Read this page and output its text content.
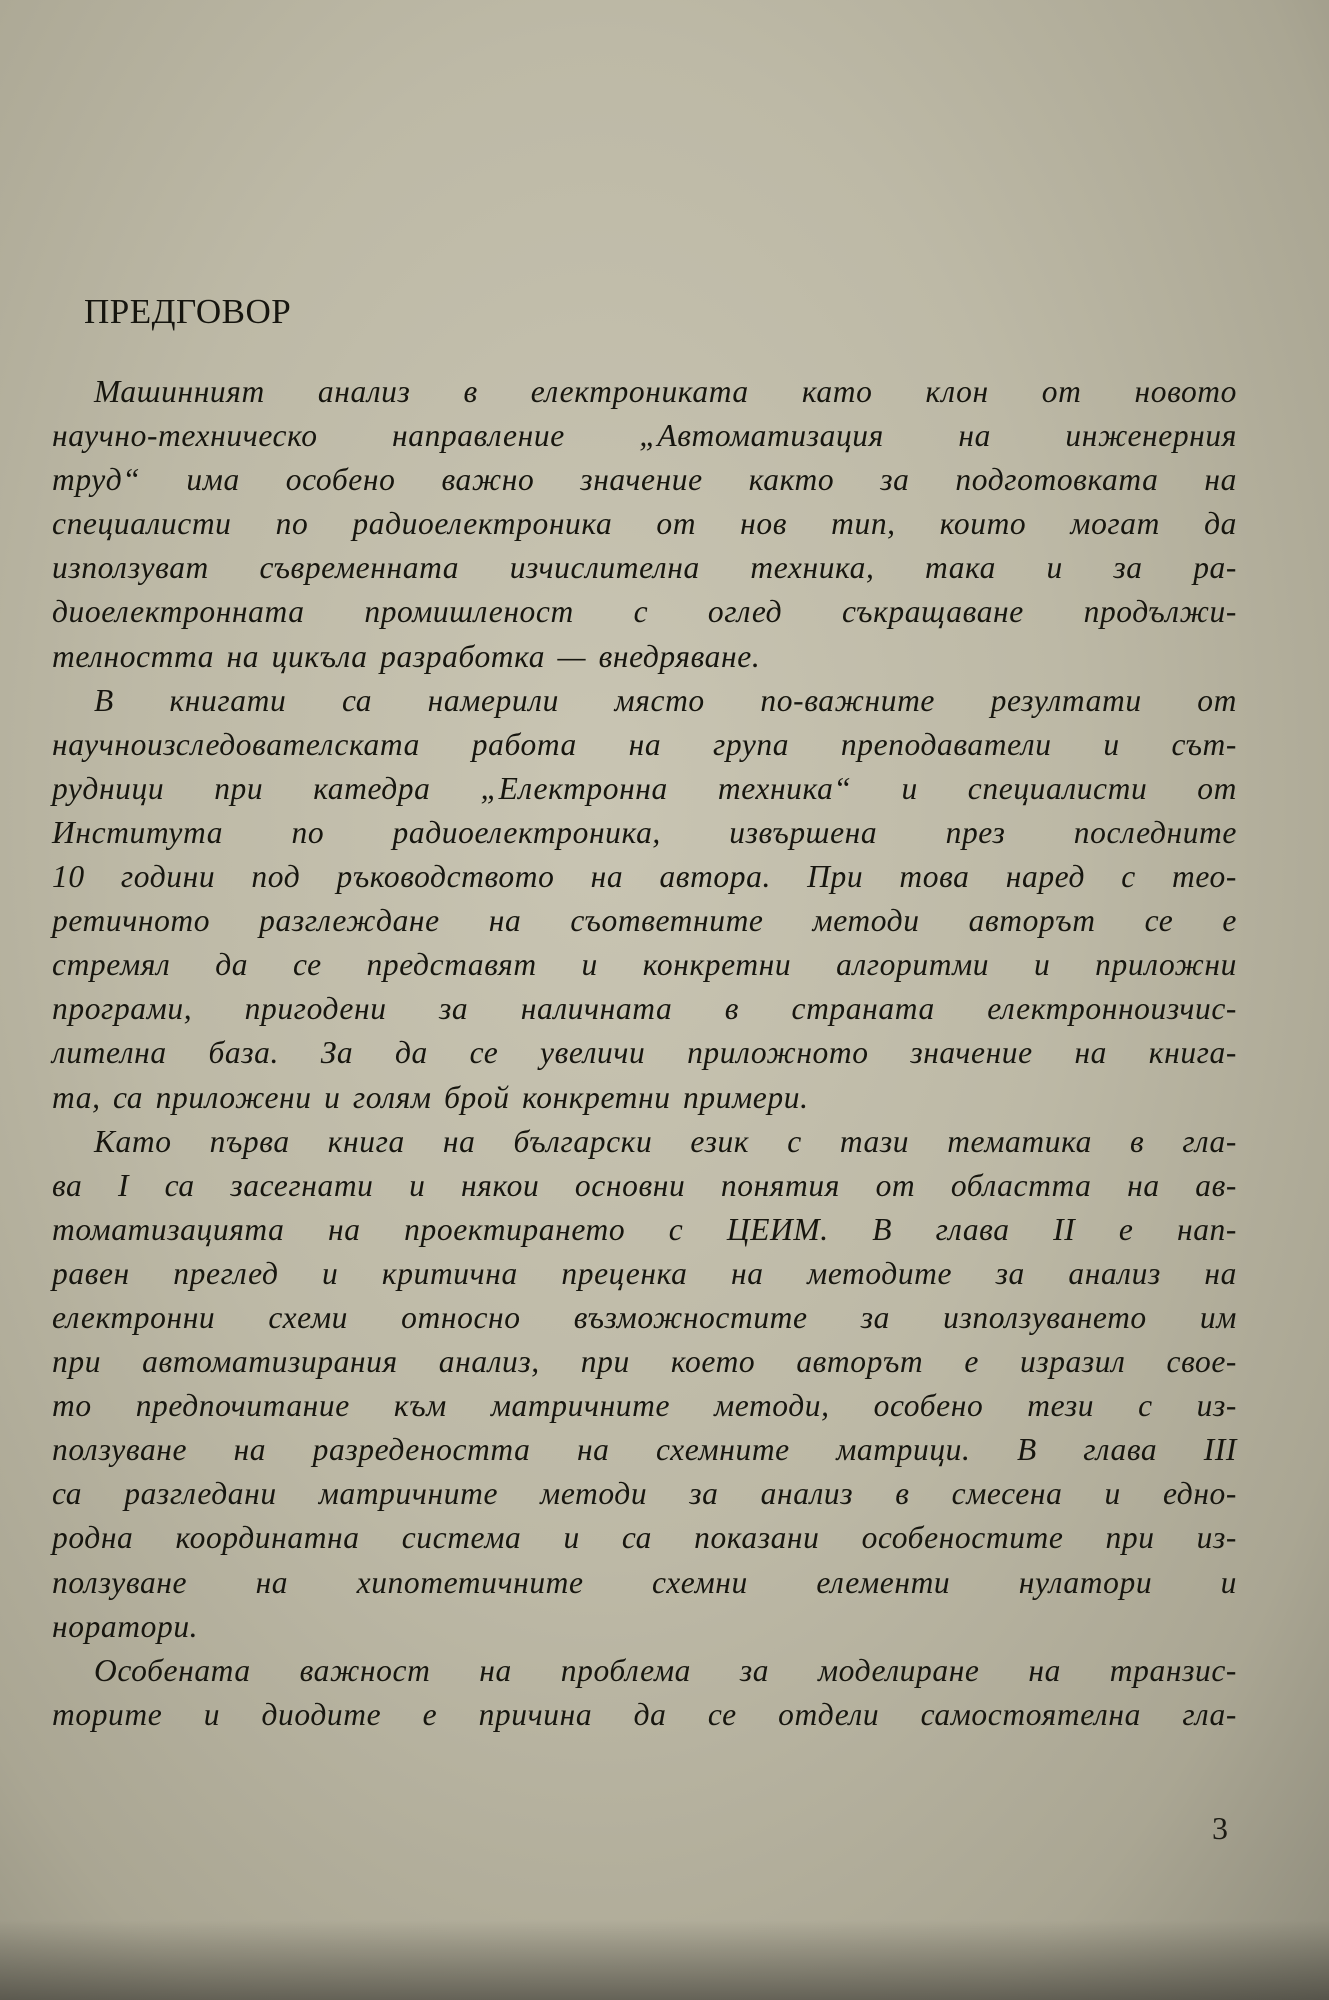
ПРЕДГОВОР
Машинният анализ в електрониката като клон от новото
научно-техническо направление „Автоматизация на инженерния
труд“ има особено важно значение както за подготовката на
специалисти по радиоелектроника от нов тип, които могат да
използуват съвременната изчислителна техника, така и за ра-
диоелектронната промишленост с оглед съкращаване продължи-
телността на цикъла разработка — внедряване.
В книгати са намерили място по-важните резултати от
научноизследователската работа на група преподаватели и сът-
рудници при катедра „Електронна техника“ и специалисти от
Института по радиоелектроника, извършена през последните
10 години под ръководството на автора. При това наред с тео-
ретичното разглеждане на съответните методи авторът се е
стремял да се представят и конкретни алгоритми и приложни
програми, пригодени за наличната в страната електронноизчис-
лителна база. За да се увеличи приложното значение на книга-
та, са приложени и голям брой конкретни примери.
Като първа книга на български език с тази тематика в гла-
ва I са засегнати и някои основни понятия от областта на ав-
томатизацията на проектирането с ЦЕИМ. В глава II е нап-
равен преглед и критична преценка на методите за анализ на
електронни схеми относно възможностите за използуването им
при автоматизирания анализ, при което авторът е изразил свое-
то предпочитание към матричните методи, особено тези с из-
ползуване на разредеността на схемните матрици. В глава III
са разгледани матричните методи за анализ в смесена и едно-
родна координатна система и са показани особеностите при из-
ползуване на хипотетичните схемни елементи нулатори и
норатори.
Особената важност на проблема за моделиране на транзис-
торите и диодите е причина да се отдели самостоятелна гла-
3
